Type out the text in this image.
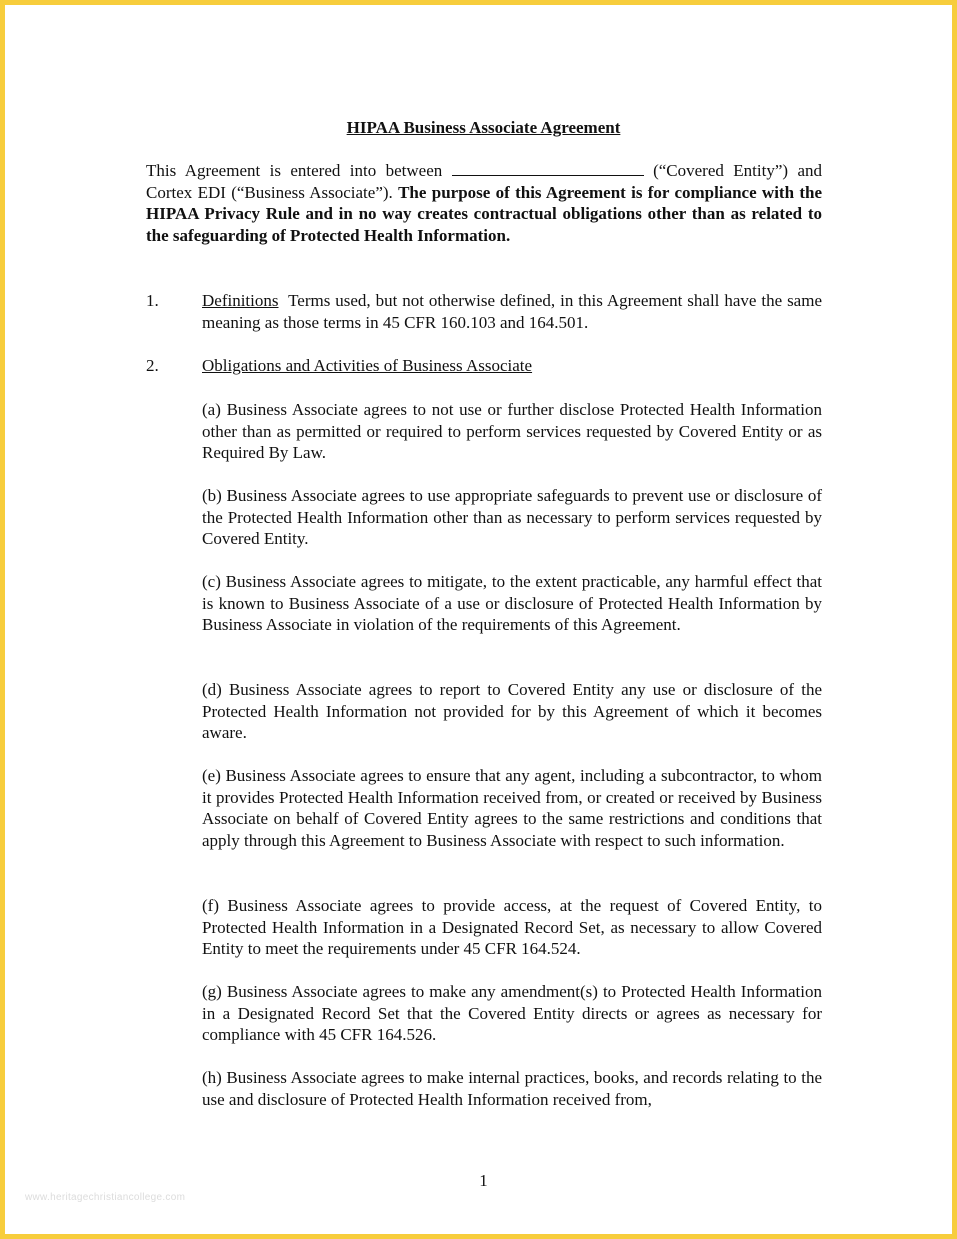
HIPAA Business Associate Agreement

This Agreement is entered into between	(“Covered Entity”) and Cortex EDI (“Business Associate”). The purpose of this Agreement is for compliance with the HIPAA Privacy Rule and in no way creates contractual obligations other than as related to the safeguarding of Protected Health Information.

1.	Definitions Terms used, but not otherwise defined, in this Agreement shall have the same meaning as those terms in 45 CFR 160.103 and 164.501.
2.	Obligations and Activities of Business Associate

(a) Business Associate agrees to not use or further disclose Protected Health Information other than as permitted or required to perform services requested by Covered Entity or as Required By Law.

(b) Business Associate agrees to use appropriate safeguards to prevent use or disclosure of the Protected Health Information other than as necessary to perform services requested by Covered Entity.

(c) Business Associate agrees to mitigate, to the extent practicable, any harmful effect that is known to Business Associate of a use or disclosure of Protected Health Information by Business Associate in violation of the requirements of this Agreement.

(d) Business Associate agrees to report to Covered Entity any use or disclosure of the Protected Health Information not provided for by this Agreement of which it becomes aware.

(e) Business Associate agrees to ensure that any agent, including a subcontractor, to whom it provides Protected Health Information received from, or created or received by Business Associate on behalf of Covered Entity agrees to the same restrictions and conditions that apply through this Agreement to Business Associate with respect to such information.

(f) Business Associate agrees to provide access, at the request of Covered Entity, to Protected Health Information in a Designated Record Set, as necessary to allow Covered Entity to meet the requirements under 45 CFR 164.524.

(g) Business Associate agrees to make any amendment(s) to Protected Health Information in a Designated Record Set that the Covered Entity directs or agrees as necessary for compliance with 45 CFR 164.526.

(h) Business Associate agrees to make internal practices, books, and records relating to the use and disclosure of Protected Health Information received from,

1
www.heritagechristiancollege.com
